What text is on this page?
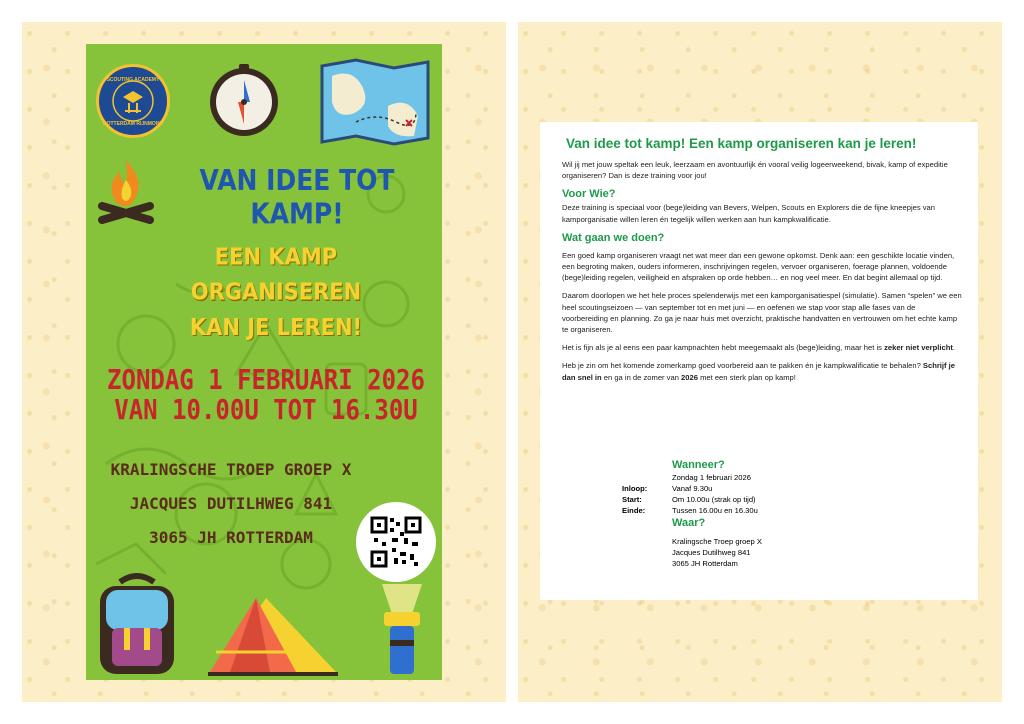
SCOUTING ACADEMY
ROTTERDAM RIJNMOND
VAN IDEE TOT KAMP!
EEN KAMP ORGANISEREN
KAN JE LEREN!
ZONDAG 1 FEBRUARI 2026
VAN 10.00U TOT 16.30U
KRALINGSCHE TROEP GROEP X
JACQUES DUTILHWEG 841
3065 JH ROTTERDAM
Van idee tot kamp! Een kamp organiseren kan je leren!

Wil jij met jouw speltak een leuk, leerzaam en avontuurlijk én vooral veilig logeerweekend, bivak, kamp of expeditie organiseren? Dan is deze training voor jou!

Voor Wie?

Deze training is speciaal voor (bege)leiding van Bevers, Welpen, Scouts en Explorers die de fijne kneepjes van kamporganisatie willen leren én tegelijk willen werken aan hun kampkwalificatie.

Wat gaan we doen?

Een goed kamp organiseren vraagt net wat meer dan een gewone opkomst. Denk aan: een geschikte locatie vinden, een begroting maken, ouders informeren, inschrijvingen regelen, vervoer organiseren, foerage plannen, voldoende (bege)leiding regelen, veiligheid en afspraken op orde hebben… en nog veel meer. En dat begint allemaal op tijd.

Daarom doorlopen we het hele proces spelenderwijs met een kamporganisatiespel (simulatie). Samen “spelen” we een heel scoutingseizoen — van september tot en met juni — en oefenen we stap voor stap alle fases van de voorbereiding en planning. Zo ga je naar huis met overzicht, praktische handvatten en vertrouwen om het echte kamp te organiseren.

Het is fijn als je al eens een paar kampnachten hebt meegemaakt als (bege)leiding, maar het is zeker niet verplicht.

Heb je zin om het komende zomerkamp goed voorbereid aan te pakken én je kampkwalificatie te behalen? Schrijf je dan snel in en ga in de zomer van 2026 met een sterk plan op kamp!

Wanneer?
Zondag 1 februari 2026
Inloop:	Vanaf 9.30u
Start:	Om 10.00u (strak op tijd)
Einde:	Tussen 16.00u en 16.30u
Waar?
Kralingsche Troep groep X
Jacques Dutilhweg 841
3065 JH Rotterdam
